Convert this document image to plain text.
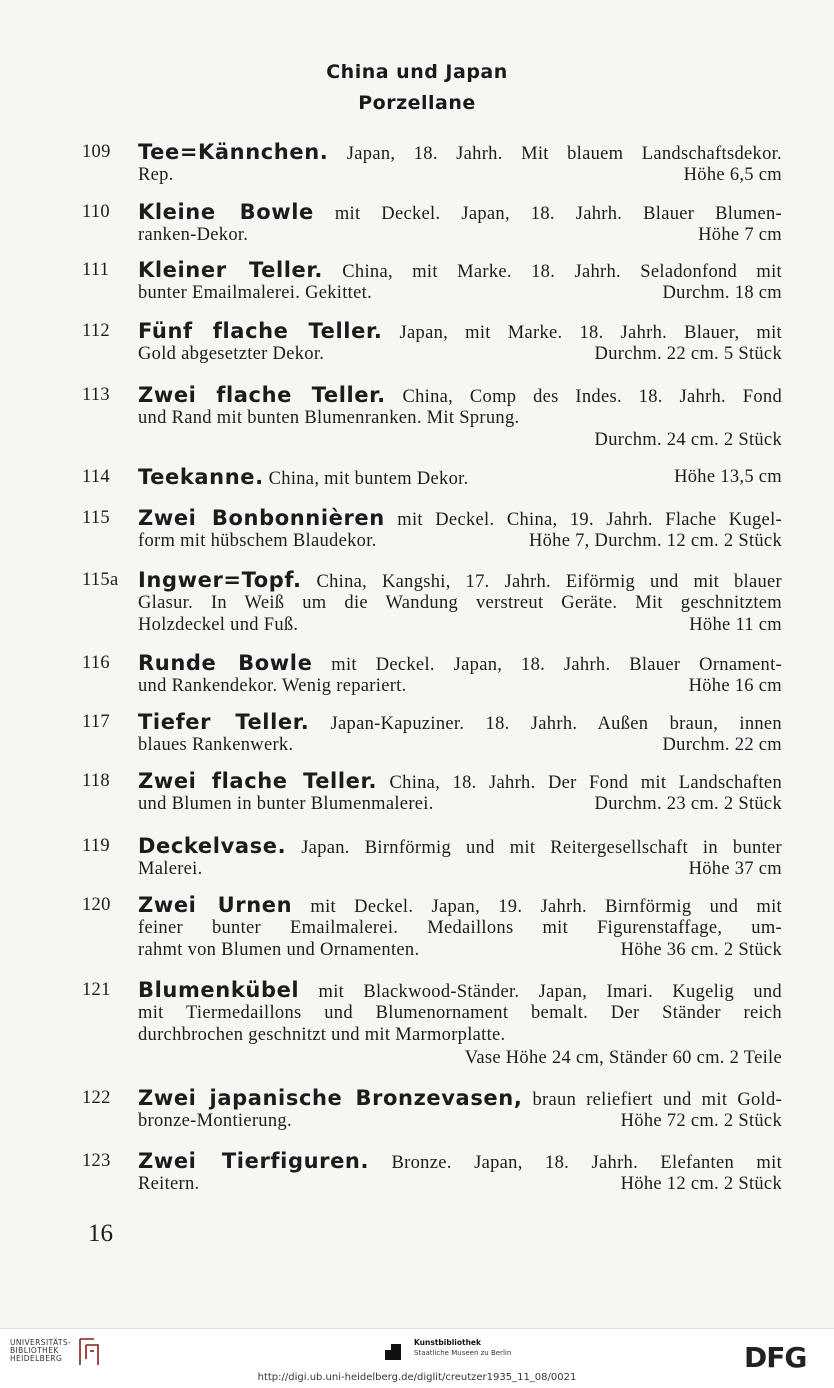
China und Japan
Porzellane
109	Tee=Kännchen. Japan, 18. Jahrh. Mit blauem Landschaftsdekor.
Rep.	Höhe 6,5 cm
110	Kleine Bowle mit Deckel. Japan, 18. Jahrh. Blauer Blumen-
ranken-Dekor.	Höhe 7 cm
111	Kleiner Teller. China, mit Marke. 18. Jahrh. Seladonfond mit
bunter Emailmalerei. Gekittet.	Durchm. 18 cm
112	Fünf flache Teller. Japan, mit Marke. 18. Jahrh. Blauer, mit
Gold abgesetzter Dekor.	Durchm. 22 cm. 5 Stück
113	Zwei flache Teller. China, Comp des Indes. 18. Jahrh. Fond
und Rand mit bunten Blumenranken. Mit Sprung.
Durchm. 24 cm. 2 Stück
114	Teekanne. China, mit buntem Dekor.	Höhe 13,5 cm
115	Zwei Bonbonnièren mit Deckel. China, 19. Jahrh. Flache Kugel-
form mit hübschem Blaudekor.	Höhe 7, Durchm. 12 cm. 2 Stück
115a Ingwer=Topf. China, Kangshi, 17. Jahrh. Eiförmig und mit blauer
Glasur. In Weiß um die Wandung verstreut Geräte. Mit geschnitztem
Holzdeckel und Fuß.	Höhe 11 cm
116	Runde Bowle mit Deckel. Japan, 18. Jahrh. Blauer Ornament-
und Rankendekor. Wenig repariert.	Höhe 16 cm
117	Tiefer Teller. Japan-Kapuziner. 18. Jahrh. Außen braun, innen
blaues Rankenwerk.	Durchm. 22 cm
118	Zwei flache Teller. China, 18. Jahrh. Der Fond mit Landschaften
und Blumen in bunter Blumenmalerei.	Durchm. 23 cm. 2 Stück
119	Deckelvase. Japan. Birnförmig und mit Reitergesellschaft in bunter
Malerei.	Höhe 37 cm
120	Zwei Urnen mit Deckel. Japan, 19. Jahrh. Birnförmig und mit
feiner bunter Emailmalerei. Medaillons mit Figurenstaffage, um-
rahmt von Blumen und Ornamenten.	Höhe 36 cm. 2 Stück
121	Blumenkübel mit Blackwood-Ständer. Japan, Imari. Kugelig und
mit Tiermedaillons und Blumenornament bemalt. Der Ständer reich
durchbrochen geschnitzt und mit Marmorplatte.
Vase Höhe 24 cm, Ständer 60 cm. 2 Teile
122	Zwei japanische Bronzevasen, braun reliefiert und mit Gold-
bronze-Montierung.	Höhe 72 cm. 2 Stück
123	Zwei Tierfiguren. Bronze. Japan, 18. Jahrh. Elefanten mit
Reitern.	Höhe 12 cm. 2 Stück
16
UNIVERSITÄTS-
BIBLIOTHEK
HEIDELBERG
Kunstbibliothek
Staatliche Museen zu Berlin	DFG
http://digi.ub.uni-heidelberg.de/diglit/creutzer1935_11_08/0021
